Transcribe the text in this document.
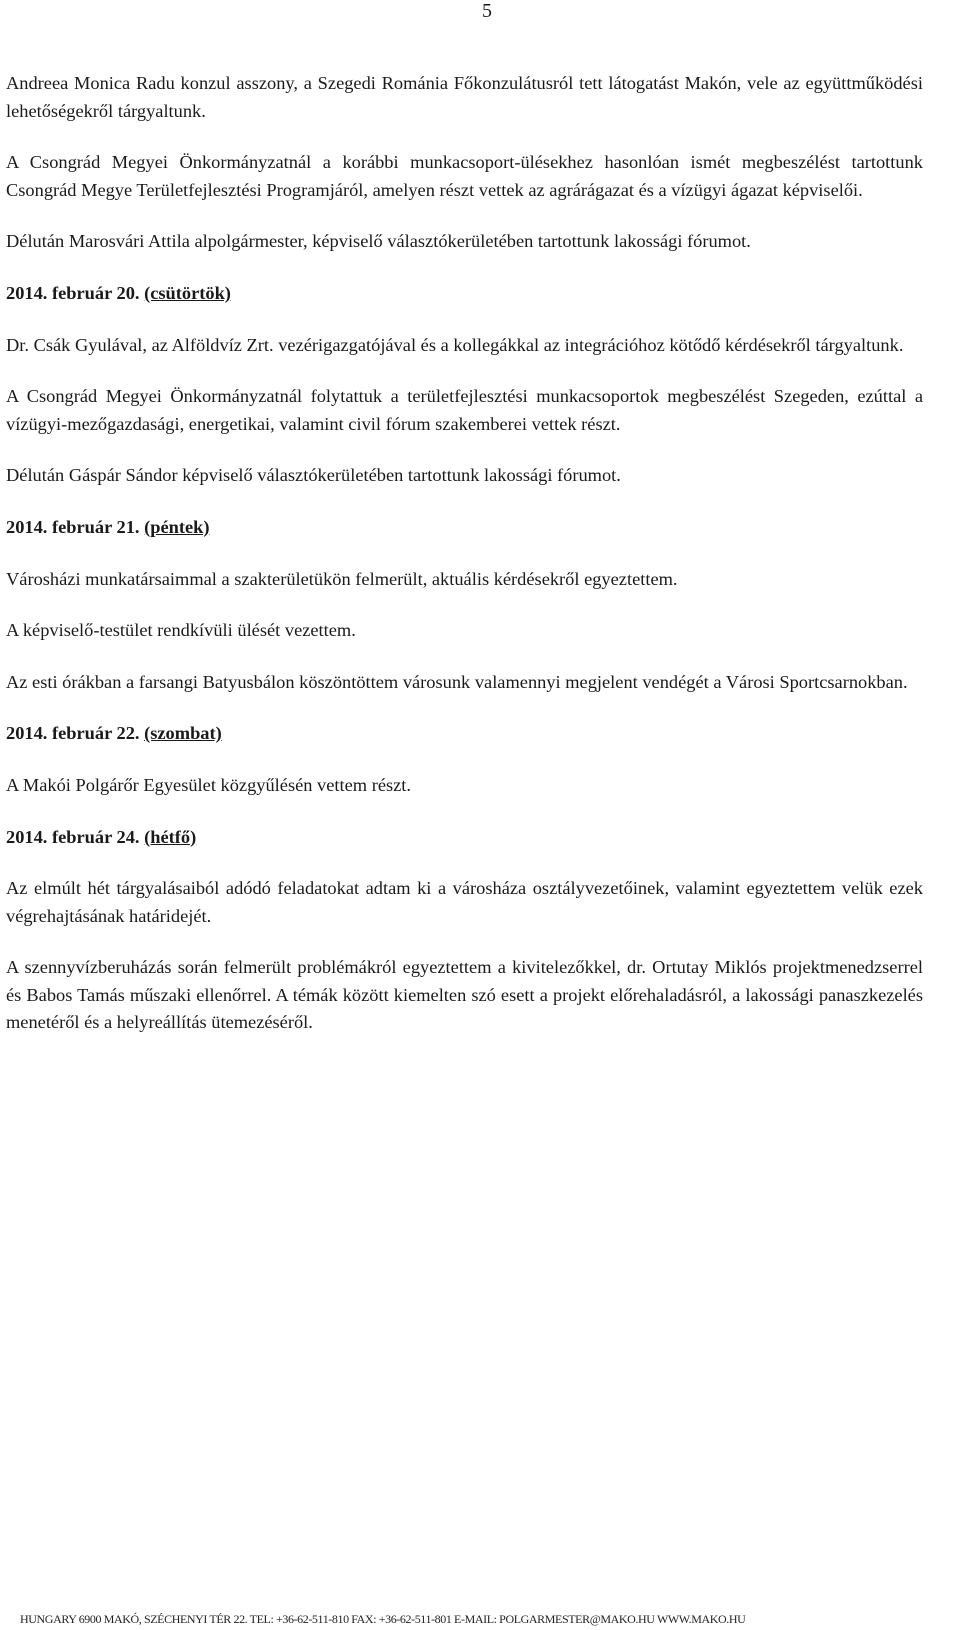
5

Andreea Monica Radu konzul asszony, a Szegedi Románia Főkonzulátusról tett látogatást Makón, vele az együttműködési lehetőségekről tárgyaltunk.

A Csongrád Megyei Önkormányzatnál a korábbi munkacsoport-ülésekhez hasonlóan ismét megbeszélést tartottunk Csongrád Megye Területfejlesztési Programjáról, amelyen részt vettek az agrárágazat és a vízügyi ágazat képviselői.

Délután Marosvári Attila alpolgármester, képviselő választókerületében tartottunk lakossági fórumot.

2014. február 20. (csütörtök)

Dr. Csák Gyulával, az Alföldvíz Zrt. vezérigazgatójával és a kollegákkal az integrációhoz kötődő kérdésekről tárgyaltunk.

A Csongrád Megyei Önkormányzatnál folytattuk a területfejlesztési munkacsoportok megbeszélést Szegeden, ezúttal a vízügyi-mezőgazdasági, energetikai, valamint civil fórum szakemberei vettek részt.

Délután Gáspár Sándor képviselő választókerületében tartottunk lakossági fórumot.

2014. február 21. (péntek)

Városházi munkatársaimmal a szakterületükön felmerült, aktuális kérdésekről egyeztettem.

A képviselő-testület rendkívüli ülését vezettem.

Az esti órákban a farsangi Batyusbálon köszöntöttem városunk valamennyi megjelent vendégét a Városi Sportcsarnokban.

2014. február 22. (szombat)

A Makói Polgárőr Egyesület közgyűlésén vettem részt.

2014. február 24. (hétfő)

Az elmúlt hét tárgyalásaiból adódó feladatokat adtam ki a városháza osztályvezetőinek, valamint egyeztettem velük ezek végrehajtásának határidejét.

A szennyvízberuházás során felmerült problémákról egyeztettem a kivitelezőkkel, dr. Ortutay Miklós projektmenedzserrel és Babos Tamás műszaki ellenőrrel. A témák között kiemelten szó esett a projekt előrehaladásról, a lakossági panaszkezelés menetéről és a helyreállítás ütemezéséről.

HUNGARY 6900 MAKÓ, SZÉCHENYI TÉR 22. TEL: +36-62-511-810 FAX: +36-62-511-801 E-MAIL: POLGARMESTER@MAKO.HU WWW.MAKO.HU
